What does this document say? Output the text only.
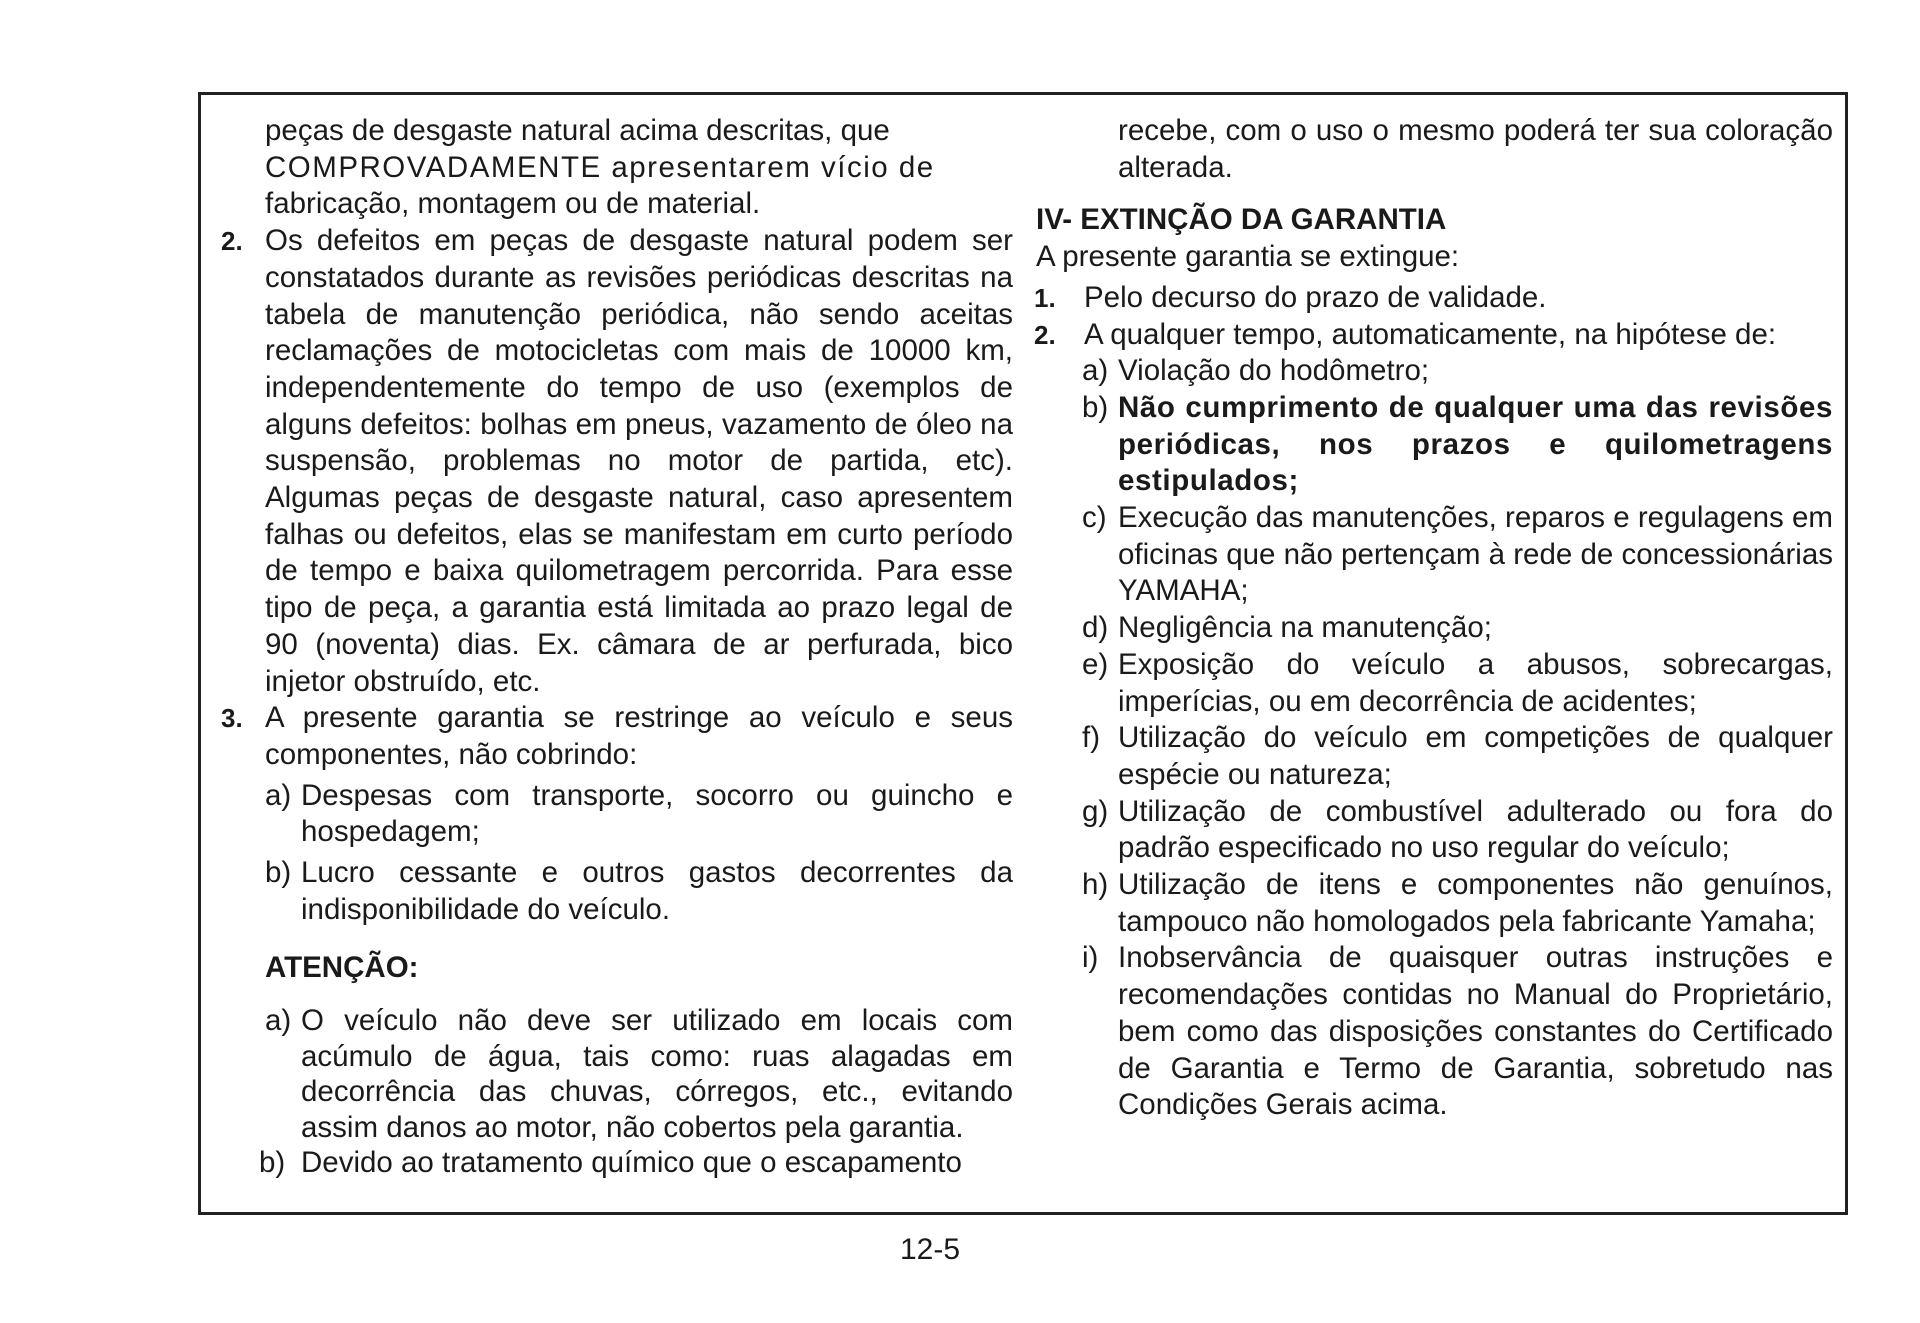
peças de desgaste natural acima descritas, que
COMPROVADAMENTE apresentarem vício de
fabricação, montagem ou de material.
2. Os defeitos em peças de desgaste natural podem ser constatados durante as revisões periódicas descritas na tabela de manutenção periódica, não sendo aceitas reclamações de motocicletas com mais de 10000 km, independentemente do tempo de uso (exemplos de alguns defeitos: bolhas em pneus, vazamento de óleo na suspensão, problemas no motor de partida, etc). Algumas peças de desgaste natural, caso apresentem falhas ou defeitos, elas se manifestam em curto período de tempo e baixa quilometragem percorrida. Para esse tipo de peça, a garantia está limitada ao prazo legal de 90 (noventa) dias. Ex. câmara de ar perfurada, bico injetor obstruído, etc.
3. A presente garantia se restringe ao veículo e seus componentes, não cobrindo:
a) Despesas com transporte, socorro ou guincho e hospedagem;
b) Lucro cessante e outros gastos decorrentes da indisponibilidade do veículo.
ATENÇÃO:
a) O veículo não deve ser utilizado em locais com acúmulo de água, tais como: ruas alagadas em decorrência das chuvas, córregos, etc., evitando assim danos ao motor, não cobertos pela garantia.
b) Devido ao tratamento químico que o escapamento
recebe, com o uso o mesmo poderá ter sua coloração alterada.
IV- EXTINÇÃO DA GARANTIA
A presente garantia se extingue:
1. Pelo decurso do prazo de validade.
2. A qualquer tempo, automaticamente, na hipótese de:
a) Violação do hodômetro;
b) Não cumprimento de qualquer uma das revisões periódicas, nos prazos e quilometragens estipulados;
c) Execução das manutenções, reparos e regulagens em oficinas que não pertençam à rede de concessionárias YAMAHA;
d) Negligência na manutenção;
e) Exposição do veículo a abusos, sobrecargas, imperícias, ou em decorrência de acidentes;
f) Utilização do veículo em competições de qualquer espécie ou natureza;
g) Utilização de combustível adulterado ou fora do padrão especificado no uso regular do veículo;
h) Utilização de itens e componentes não genuínos, tampouco não homologados pela fabricante Yamaha;
i) Inobservância de quaisquer outras instruções e recomendações contidas no Manual do Proprietário, bem como das disposições constantes do Certificado de Garantia e Termo de Garantia, sobretudo nas Condições Gerais acima.
12-5
